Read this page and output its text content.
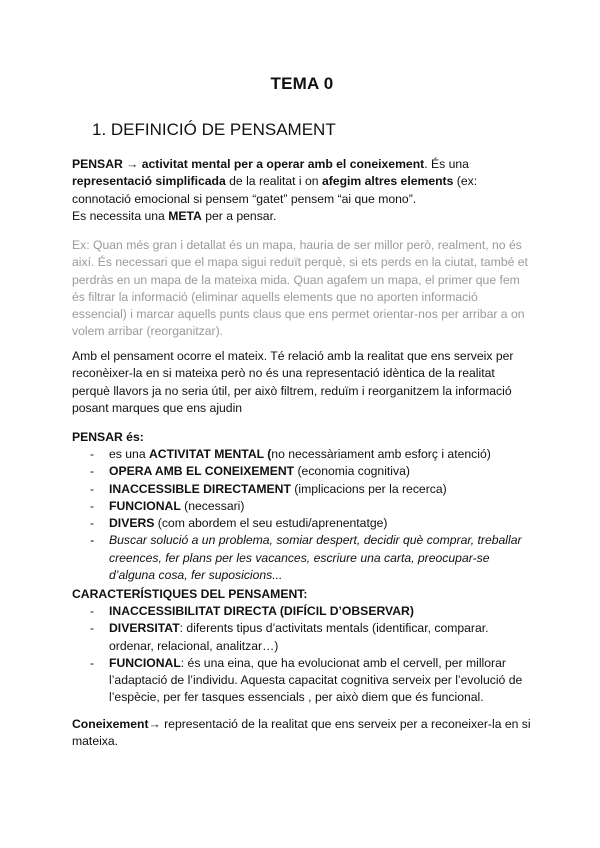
TEMA 0
1. DEFINICIÓ DE PENSAMENT

PENSAR → activitat mental per a operar amb el coneixement. És una representació simplificada de la realitat i on afegim altres elements (ex: connotació emocional si pensem “gatet” pensem “ai que mono”.
Es necessita una META per a pensar.

Ex: Quan més gran i detallat és un mapa, hauria de ser millor però, realment, no és així. És necessari que el mapa sigui reduït perquè, si ets perds en la ciutat, també et perdràs en un mapa de la mateixa mida. Quan agafem un mapa, el primer que fem és filtrar la informació (eliminar aquells elements que no aporten informació essencial) i marcar aquells punts claus que ens permet orientar-nos per arribar a on volem arribar (reorganitzar).

Amb el pensament ocorre el mateix. Té relació amb la realitat que ens serveix per reconèixer-la en si mateixa però no és una representació idèntica de la realitat perquè llavors ja no seria útil, per això filtrem, reduïm i reorganitzem la informació posant marques que ens ajudin

PENSAR és:

- es una ACTIVITAT MENTAL (no necessàriament amb esforç i atenció)
- OPERA AMB EL CONEIXEMENT (economia cognitiva)
- INACCESSIBLE DIRECTAMENT (implicacions per la recerca)
- FUNCIONAL (necessari)
- DIVERS (com abordem el seu estudi/aprenentatge)
- Buscar solució a un problema, somiar despert, decidir què comprar, treballar creences, fer plans per les vacances, escriure una carta, preocupar-se d’alguna cosa, fer suposicions...

CARACTERÍSTIQUES DEL PENSAMENT:

- INACCESSIBILITAT DIRECTA (DIFÍCIL D’OBSERVAR)
- DIVERSITAT: diferents tipus d’activitats mentals (identificar, comparar. ordenar, relacional, analitzar…)
- FUNCIONAL: és una eina, que ha evolucionat amb el cervell, per millorar l’adaptació de l’individu. Aquesta capacitat cognitiva serveix per l’evolució de l’espècie, per fer tasques essencials , per això diem que és funcional.

Coneixement→ representació de la realitat que ens serveix per a reconeixer-la en si mateixa.
